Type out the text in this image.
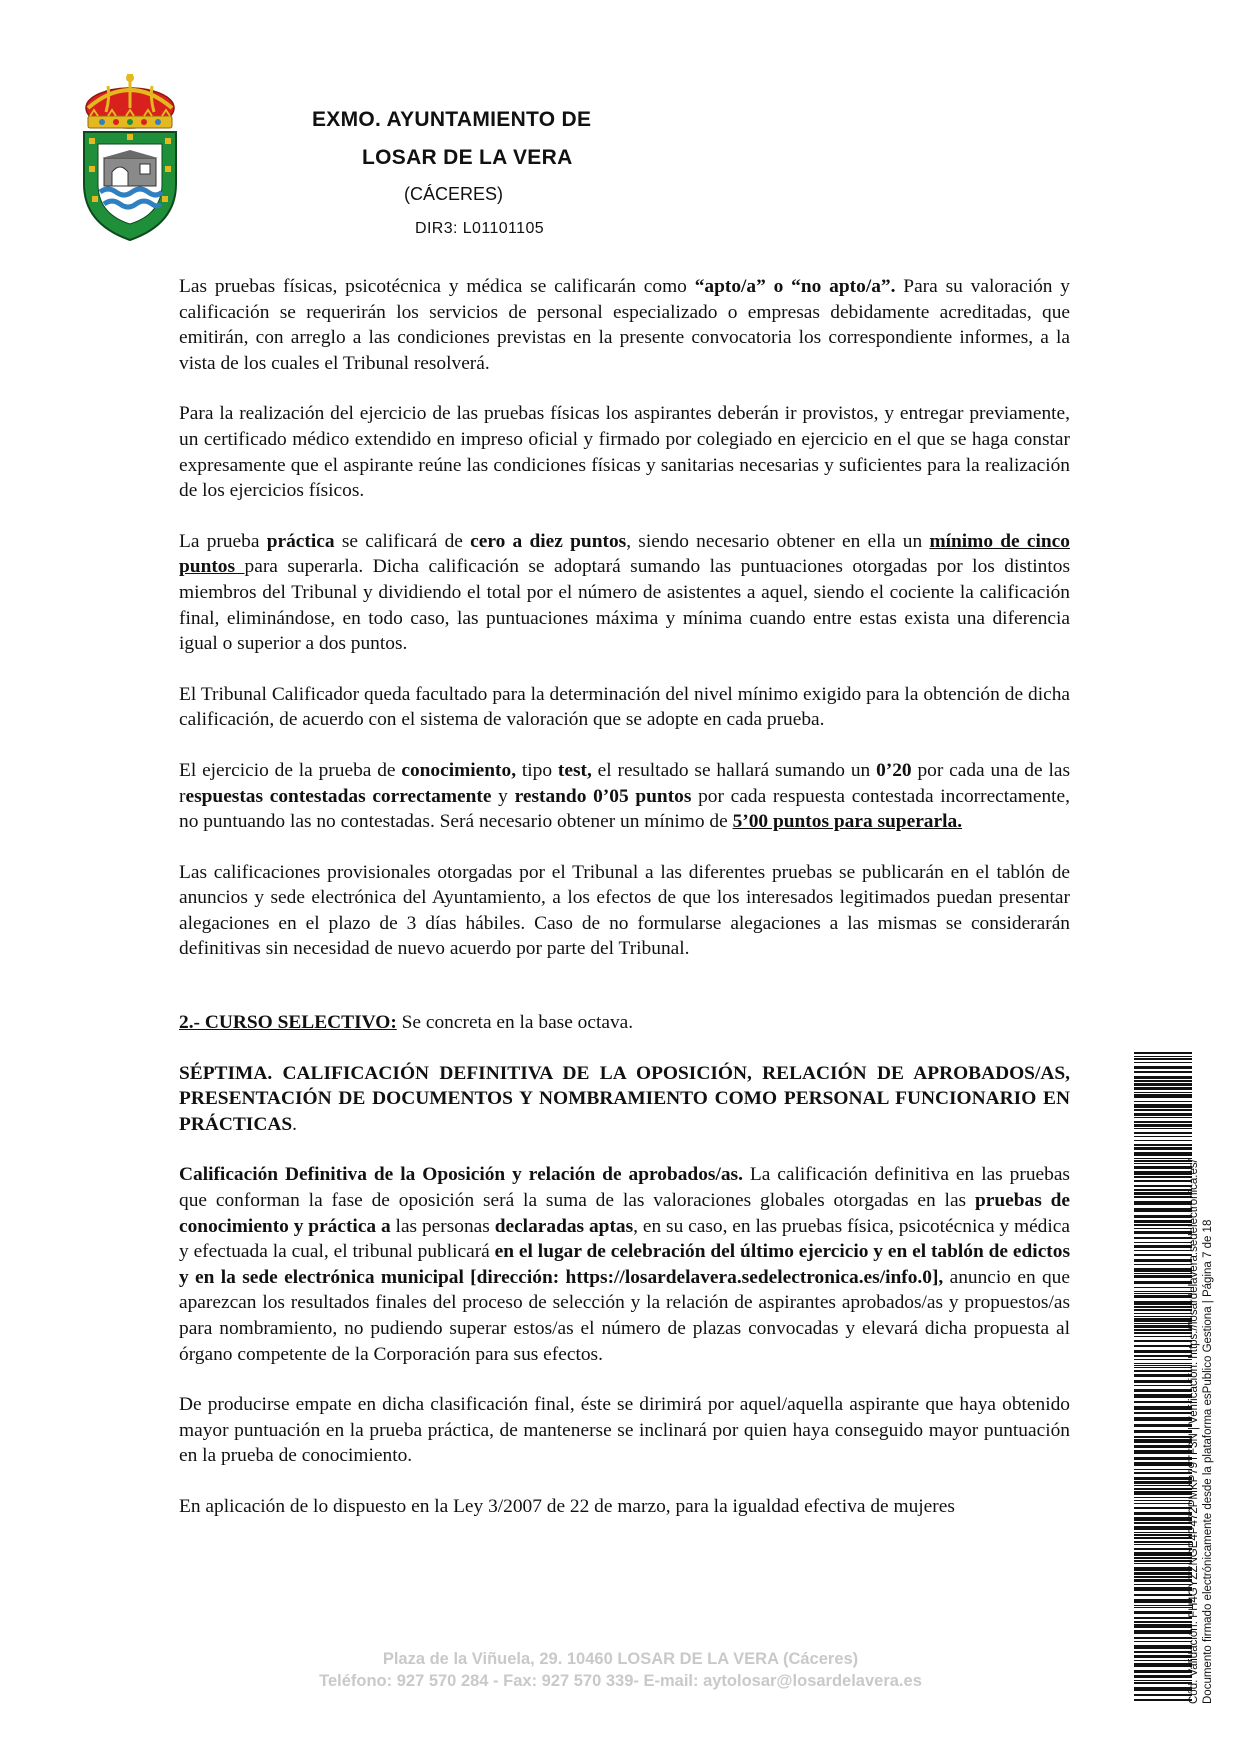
EXMO. AYUNTAMIENTO DE
LOSAR DE LA VERA
(CÁCERES)
DIR3: L01101105

Las pruebas físicas, psicotécnica y médica se calificarán como “apto/a” o “no apto/a”. Para su valoración y calificación se requerirán los servicios de personal especializado o empresas debidamente acreditadas, que emitirán, con arreglo a las condiciones previstas en la presente convocatoria los correspondiente informes, a la vista de los cuales el Tribunal resolverá.

Para la realización del ejercicio de las pruebas físicas los aspirantes deberán ir provistos, y entregar previamente, un certificado médico extendido en impreso oficial y firmado por colegiado en ejercicio en el que se haga constar expresamente que el aspirante reúne las condiciones físicas y sanitarias necesarias y suficientes para la realización de los ejercicios físicos.

La prueba práctica se calificará de cero a diez puntos, siendo necesario obtener en ella un mínimo de cinco puntos para superarla. Dicha calificación se adoptará sumando las puntuaciones otorgadas por los distintos miembros del Tribunal y dividiendo el total por el número de asistentes a aquel, siendo el cociente la calificación final, eliminándose, en todo caso, las puntuaciones máxima y mínima cuando entre estas exista una diferencia igual o superior a dos puntos.

El Tribunal Calificador queda facultado para la determinación del nivel mínimo exigido para la obtención de dicha calificación, de acuerdo con el sistema de valoración que se adopte en cada prueba.

El ejercicio de la prueba de conocimiento, tipo test, el resultado se hallará sumando un 0’20 por cada una de las respuestas contestadas correctamente y restando 0’05 puntos por cada respuesta contestada incorrectamente, no puntuando las no contestadas. Será necesario obtener un mínimo de 5’00 puntos para superarla.

Las calificaciones provisionales otorgadas por el Tribunal a las diferentes pruebas se publicarán en el tablón de anuncios y sede electrónica del Ayuntamiento, a los efectos de que los interesados legitimados puedan presentar alegaciones en el plazo de 3 días hábiles. Caso de no formularse alegaciones a las mismas se considerarán definitivas sin necesidad de nuevo acuerdo por parte del Tribunal.

2.- CURSO SELECTIVO: Se concreta en la base octava.

SÉPTIMA. CALIFICACIÓN DEFINITIVA DE LA OPOSICIÓN, RELACIÓN DE APROBADOS/AS, PRESENTACIÓN DE DOCUMENTOS Y NOMBRAMIENTO COMO PERSONAL FUNCIONARIO EN PRÁCTICAS.

Calificación Definitiva de la Oposición y relación de aprobados/as. La calificación definitiva en las pruebas que conforman la fase de oposición será la suma de las valoraciones globales otorgadas en las pruebas de conocimiento y práctica a las personas declaradas aptas, en su caso, en las pruebas física, psicotécnica y médica y efectuada la cual, el tribunal publicará en el lugar de celebración del último ejercicio y en el tablón de edictos y en la sede electrónica municipal [dirección: https://losardelavera.sedelectronica.es/info.0], anuncio en que aparezcan los resultados finales del proceso de selección y la relación de aspirantes aprobados/as y propuestos/as para nombramiento, no pudiendo superar estos/as el número de plazas convocadas y elevará dicha propuesta al órgano competente de la Corporación para sus efectos.

De producirse empate en dicha clasificación final, éste se dirimirá por aquel/aquella aspirante que haya obtenido mayor puntuación en la prueba práctica, de mantenerse se inclinará por quien haya conseguido mayor puntuación en la prueba de conocimiento.

En aplicación de lo dispuesto en la Ley 3/2007 de 22 de marzo, para la igualdad efectiva de mujeres

Plaza de la Viñuela, 29. 10460 LOSAR DE LA VERA (Cáceres)
Teléfono: 927 570 284 - Fax: 927 570 339- E-mail: aytolosar@losardelavera.es	Cód. Validación: FH4GYZZNGE4P472PMKP79TF3N | Verificación: https://losardelavera.sedelectronica.es/ Documento firmado electrónicamente desde la plataforma esPublico Gestiona | Página 7 de 18
